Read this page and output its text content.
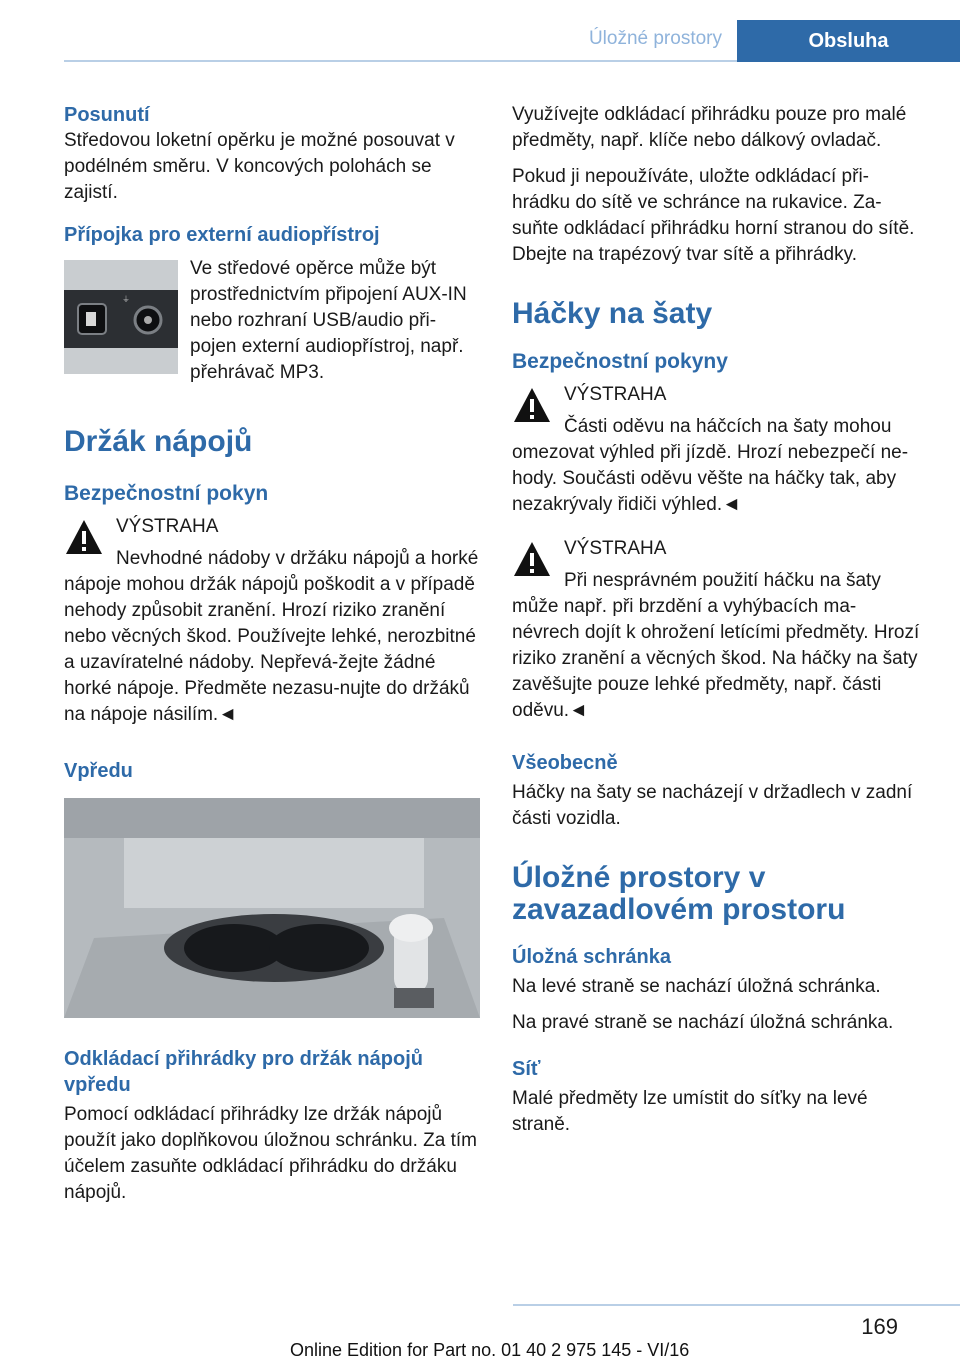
Úložné prostory	Obsluha
Posunutí

Středovou loketní opěrku je možné posouvat v podélném směru. V koncových polohách se zajistí.

Přípojka pro externí audiopřístroj
⏚

Ve středové opěrce může být prostřednictvím připojení AUX-IN nebo rozhraní USB/audio při-pojen externí audiopřístroj, např. přehrávač MP3.

Držák nápojů
Bezpečnostní pokyn
VÝSTRAHA

Nevhodné nádoby v držáku nápojů a horké nápoje mohou držák nápojů poškodit a v případě nehody způsobit zranění. Hrozí riziko zranění nebo věcných škod. Používejte lehké, nerozbitné a uzavíratelné nádoby. Nepřevá-žejte žádné horké nápoje. Předměte nezasu-nujte do držáků na nápoje násilím.◄

Vpředu
Odkládací přihrádky pro držák nápojů vpředu

Pomocí odkládací přihrádky lze držák nápojů použít jako doplňkovou úložnou schránku. Za tím účelem zasuňte odkládací přihrádku do držáku nápojů.

Využívejte odkládací přihrádku pouze pro malé předměty, např. klíče nebo dálkový ovladač.

Pokud ji nepoužíváte, uložte odkládací při-hrádku do sítě ve schránce na rukavice. Za-suňte odkládací přihrádku horní stranou do sítě. Dbejte na trapézový tvar sítě a přihrádky.

Háčky na šaty
Bezpečnostní pokyny
VÝSTRAHA

Části oděvu na háčcích na šaty mohou omezovat výhled při jízdě. Hrozí nebezpečí ne-hody. Součásti oděvu věšte na háčky tak, aby nezakrývaly řidiči výhled.◄

VÝSTRAHA

Při nesprávném použití háčku na šaty může např. při brzdění a vyhýbacích ma-névrech dojít k ohrožení letícími předměty. Hrozí riziko zranění a věcných škod. Na háčky na šaty zavěšujte pouze lehké předměty, např. části oděvu.◄

Všeobecně

Háčky na šaty se nacházejí v držadlech v zadní části vozidla.

Úložné prostory v zavazadlovém prostoru
Úložná schránka

Na levé straně se nachází úložná schránka.

Na pravé straně se nachází úložná schránka.

Síť

Malé předměty lze umístit do síťky na levé straně.

169
Online Edition for Part no. 01 40 2 975 145 - VI/16
